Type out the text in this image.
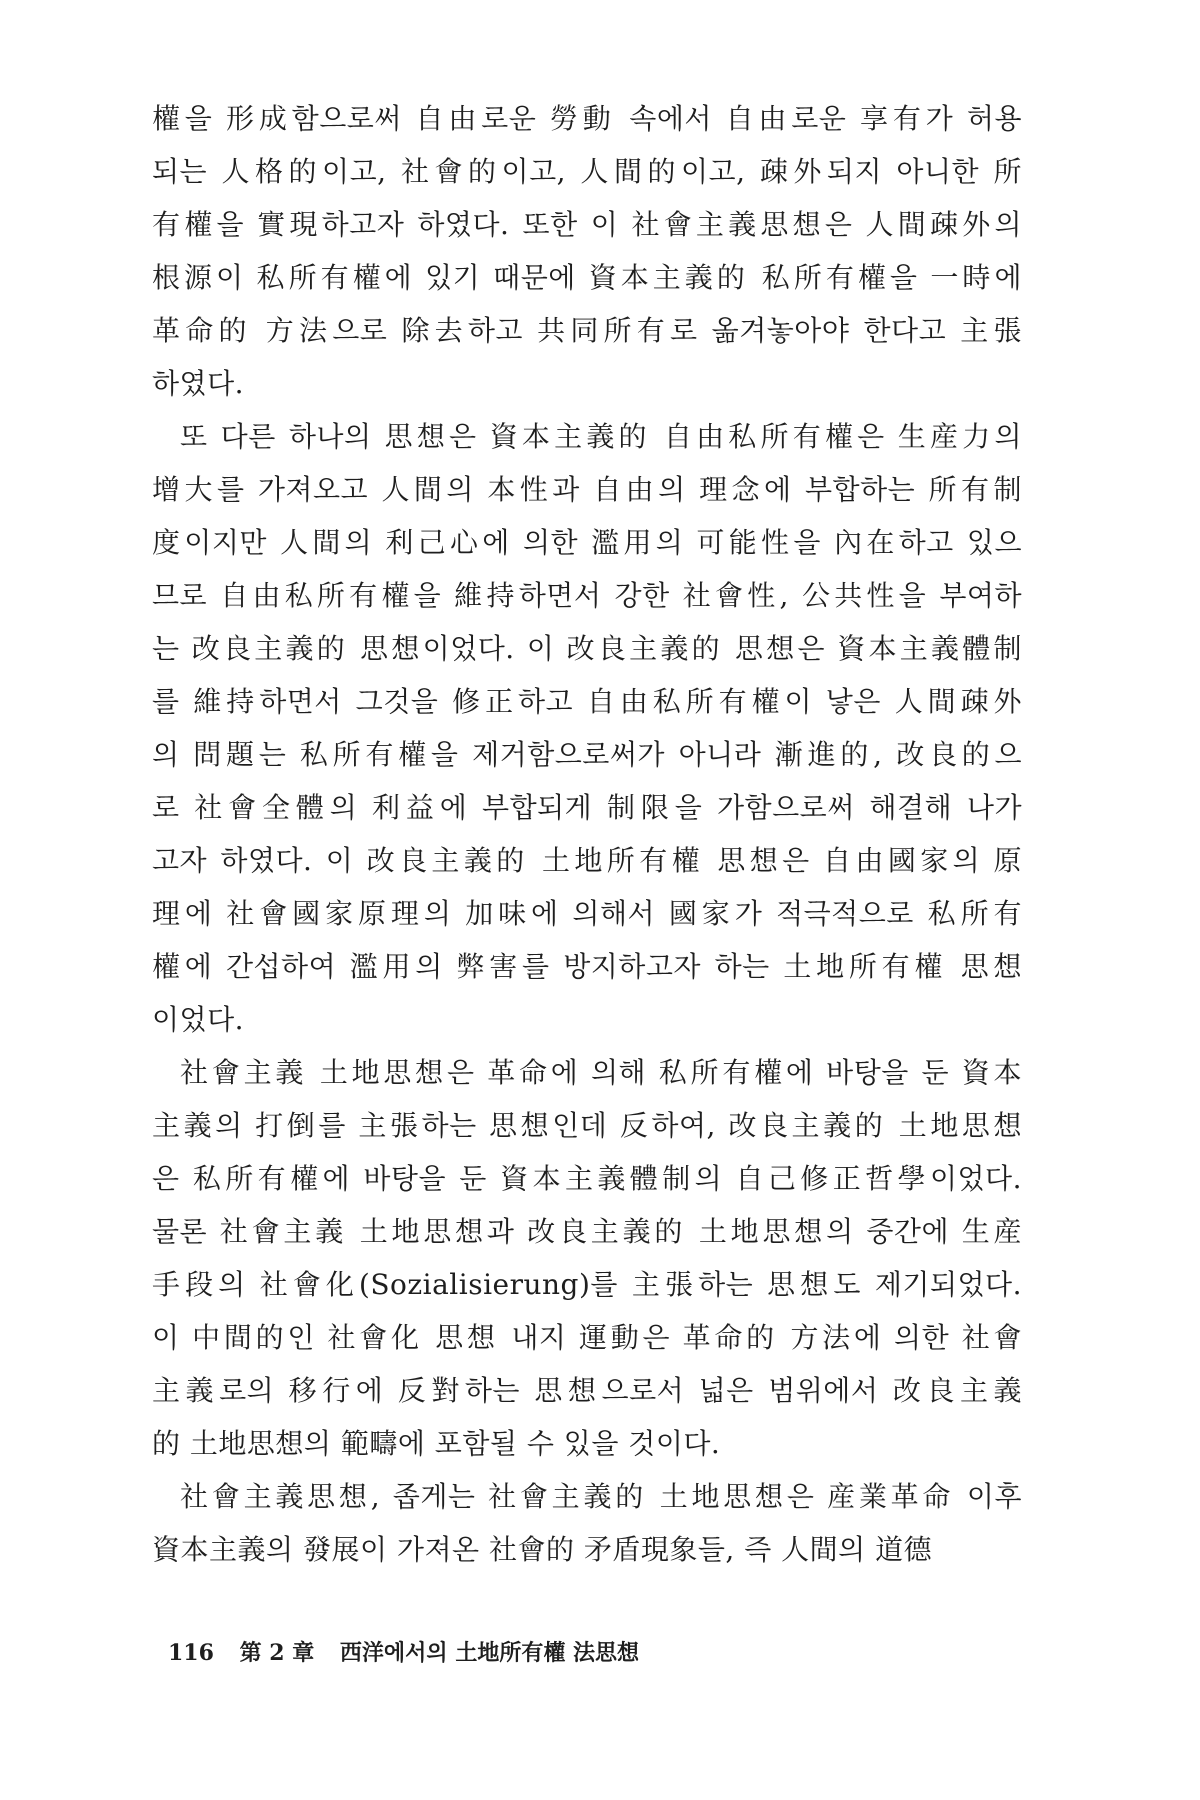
權을 形成함으로써 自由로운 勞動 속에서 自由로운 享有가 허용
되는 人格的이고, 社會的이고, 人間的이고, 疎外되지 아니한 所
有權을 實現하고자 하였다. 또한 이 社會主義思想은 人間疎外의
根源이 私所有權에 있기 때문에 資本主義的 私所有權을 一時에
革命的 方法으로 除去하고 共同所有로 옮겨놓아야 한다고 主張
하였다.
또 다른 하나의 思想은 資本主義的 自由私所有權은 生産力의
增大를 가져오고 人間의 本性과 自由의 理念에 부합하는 所有制
度이지만 人間의 利己心에 의한 濫用의 可能性을 內在하고 있으
므로 自由私所有權을 維持하면서 강한 社會性, 公共性을 부여하
는 改良主義的 思想이었다. 이 改良主義的 思想은 資本主義體制
를 維持하면서 그것을 修正하고 自由私所有權이 낳은 人間疎外
의 問題는 私所有權을 제거함으로써가 아니라 漸進的, 改良的으
로 社會全體의 利益에 부합되게 制限을 가함으로써 해결해 나가
고자 하였다. 이 改良主義的 土地所有權 思想은 自由國家의 原
理에 社會國家原理의 加味에 의해서 國家가 적극적으로 私所有
權에 간섭하여 濫用의 弊害를 방지하고자 하는 土地所有權 思想
이었다.
社會主義 土地思想은 革命에 의해 私所有權에 바탕을 둔 資本
主義의 打倒를 主張하는 思想인데 反하여, 改良主義的 土地思想
은 私所有權에 바탕을 둔 資本主義體制의 自己修正哲學이었다.
물론 社會主義 土地思想과 改良主義的 土地思想의 중간에 生産
手段의 社會化(Sozialisierung)를 主張하는 思想도 제기되었다.
이 中間的인 社會化 思想 내지 運動은 革命的 方法에 의한 社會
主義로의 移行에 反對하는 思想으로서 넓은 범위에서 改良主義
的 土地思想의 範疇에 포함될 수 있을 것이다.
社會主義思想, 좁게는 社會主義的 土地思想은 産業革命 이후
資本主義의 發展이 가져온 社會的 矛盾現象들, 즉 人間의 道德
116 第 2 章 西洋에서의 土地所有權 法思想
